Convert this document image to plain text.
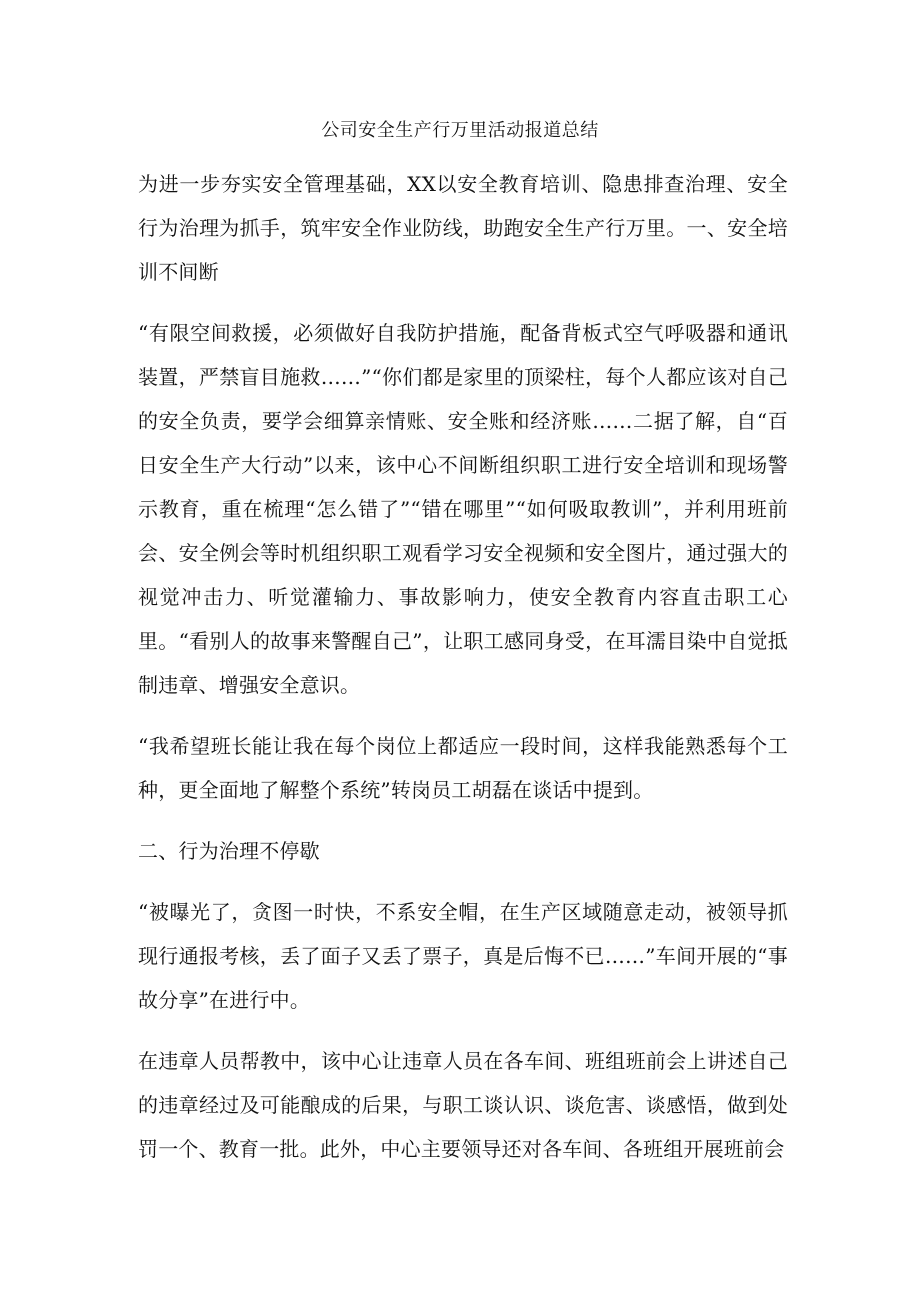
公司安全生产行万里活动报道总结

为进一步夯实安全管理基础，XX以安全教育培训、隐患排查治理、安全行为治理为抓手，筑牢安全作业防线，助跑安全生产行万里。一、安全培训不间断

“有限空间救援，必须做好自我防护措施，配备背板式空气呼吸器和通讯装置，严禁盲目施救……”“你们都是家里的顶梁柱，每个人都应该对自己的安全负责，要学会细算亲情账、安全账和经济账……二据了解，自“百日安全生产大行动”以来，该中心不间断组织职工进行安全培训和现场警示教育，重在梳理“怎么错了”“错在哪里”“如何吸取教训”，并利用班前会、安全例会等时机组织职工观看学习安全视频和安全图片，通过强大的视觉冲击力、听觉灌输力、事故影响力，使安全教育内容直击职工心里。“看别人的故事来警醒自己”，让职工感同身受，在耳濡目染中自觉抵制违章、增强安全意识。

“我希望班长能让我在每个岗位上都适应一段时间，这样我能熟悉每个工种，更全面地了解整个系统”转岗员工胡磊在谈话中提到。

二、行为治理不停歇

“被曝光了，贪图一时快，不系安全帽，在生产区域随意走动，被领导抓现行通报考核，丢了面子又丢了票子，真是后悔不已……”车间开展的“事故分享”在进行中。

在违章人员帮教中，该中心让违章人员在各车间、班组班前会上讲述自己的违章经过及可能酿成的后果，与职工谈认识、谈危害、谈感悟，做到处罚一个、教育一批。此外，中心主要领导还对各车间、各班组开展班前会
